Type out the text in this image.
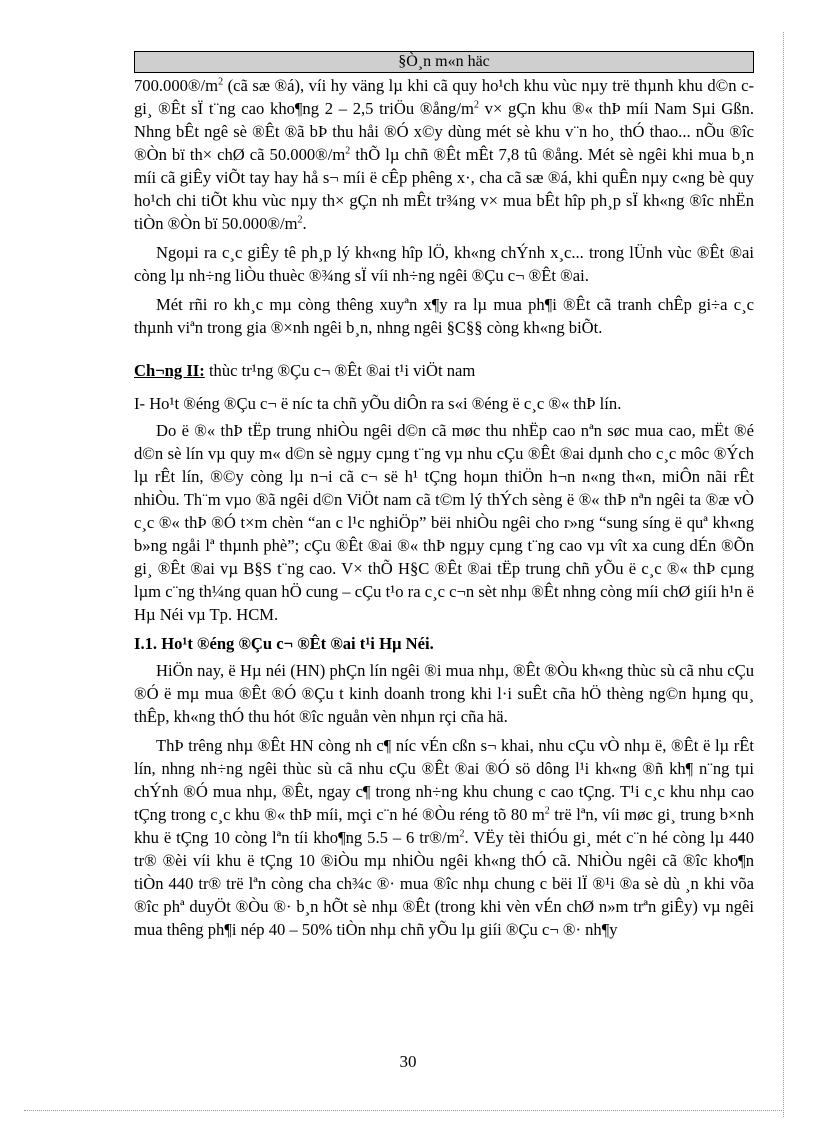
§Ò¸n m«n häc

$700.000®/m^2$ (cã sæ ®á), víi hy väng lµ khi cã quy ho¹ch khu vùc nµy trë thµnh khu d©n c gi¸ ®Êt sÏ t¨ng cao kho¶ng 2 – 2,5 triÖu $®ång/m^2$ v× gÇn khu ®« thÞ míi Nam Sµi Gßn. Nhng bÊt ngê sè ®Êt ®ã bÞ thu håi ®Ó x©y dùng mét sè khu v¨n ho¸ thÓ thao... nÕu ®îc ®Òn bï th× chØ cã $50.000®/m^2$ thÕ lµ chñ ®Êt mÊt 7,8 tû ®ång. Mét sè ngêi khi mua b¸n míi cã giÊy viÕt tay hay hå s¬ míi ë cÊp phêng x·, cha cã sæ ®á, khi quÊn nµy c«ng bè quy ho¹ch chi tiÕt khu vùc nµy th× gÇn nh mÊt tr¾ng v× mua bÊt hîp ph¸p sÏ kh«ng ®îc nhËn tiÒn ®Òn bï $50.000®/m^2$.

Ngoµi ra c¸c giÊy tê ph¸p lý kh«ng hîp lÖ, kh«ng chÝnh x¸c... trong lÜnh vùc ®Êt ®ai còng lµ nh÷ng liÒu thuèc ®¾ng sÏ víi nh÷ng ngêi ®Çu c¬ ®Êt ®ai.

Mét rñi ro kh¸c mµ còng thêng xuyªn x¶y ra lµ mua ph¶i ®Êt cã tranh chÊp gi÷a c¸c thµnh viªn trong gia ®×nh ngêi b¸n, nhng ngêi §C§§ còng kh«ng biÕt.

Ch¬ng II: thùc tr¹ng ®Çu c¬ ®Êt ®ai t¹i viÖt nam

I- Ho¹t ®éng ®Çu c¬ ë níc ta chñ yÕu diÔn ra s«i ®éng ë c¸c ®« thÞ lín.

Do ë ®« thÞ tËp trung nhiÒu ngêi d©n cã møc thu nhËp cao nªn søc mua cao, mËt ®é d©n sè lín vµ quy m« d©n sè ngµy cµng t¨ng vµ nhu cÇu ®Êt ®ai dµnh cho c¸c môc ®Ých lµ rÊt lín, ®©y còng lµ n¬i cã c¬ së h¹ tÇng hoµn thiÖn h¬n n«ng th«n, miÔn nãi rÊt nhiÒu. Th¨m vµo ®ã ngêi d©n ViÖt nam cã t©m lý thÝch sèng ë ®« thÞ nªn ngêi ta ®æ vÒ c¸c ®« thÞ ®Ó t×m chèn “an c l¹c nghiÖp” bëi nhiÒu ngêi cho r»ng “sung síng ë quª kh«ng b»ng ngåi lª thµnh phè”; cÇu ®Êt ®ai ®« thÞ ngµy cµng t¨ng cao vµ vît xa cung dÉn ®Õn gi¸ ®Êt ®ai vµ B§S t¨ng cao. V× thÕ H§C ®Êt ®ai tËp trung chñ yÕu ë c¸c ®« thÞ cµng lµm c¨ng th¼ng quan hÖ cung – cÇu t¹o ra c¸c c¬n sèt nhµ ®Êt nhng còng míi chØ giíi h¹n ë Hµ Néi vµ Tp. HCM.

I.1. Ho¹t ®éng ®Çu c¬ ®Êt ®ai t¹i Hµ Néi.

HiÖn nay, ë Hµ néi (HN) phÇn lín ngêi ®i mua nhµ, ®Êt ®Òu kh«ng thùc sù cã nhu cÇu ®Ó ë mµ mua ®Êt ®Ó ®Çu t kinh doanh trong khi l·i suÊt cña hÖ thèng ng©n hµng qu¸ thÊp, kh«ng thÓ thu hót ®îc nguån vèn nhµn rçi cña hä.

ThÞ trêng nhµ ®Êt HN còng nh c¶ níc vÉn cßn s¬ khai, nhu cÇu vÒ nhµ ë, ®Êt ë lµ rÊt lín, nhng nh÷ng ngêi thùc sù cã nhu cÇu ®Êt ®ai ®Ó sö dông l¹i kh«ng ®ñ kh¶ n¨ng tµi chÝnh ®Ó mua nhµ, ®Êt, ngay c¶ trong nh÷ng khu chung c cao tÇng. T¹i c¸c khu nhµ cao tÇng trong c¸c khu ®« thÞ míi, mçi c¨n hé ®Òu réng tõ 80 $m^2$ trë lªn, víi møc gi¸ trung b×nh khu ë tÇng 10 còng lªn tíi kho¶ng 5.5 – 6 $tr®/m^2$. VËy tèi thiÓu gi¸ mét c¨n hé còng lµ 440 tr® ®èi víi khu ë tÇng 10 ®iÒu mµ nhiÒu ngêi kh«ng thÓ cã. NhiÒu ngêi cã ®îc kho¶n tiÒn 440 tr® trë lªn còng cha ch¾c ®· mua ®îc nhµ chung c bëi lÏ ®¹i ®a sè dù ¸n khi võa ®îc phª duyÖt ®Òu ®· b¸n hÕt sè nhµ ®Êt (trong khi vèn vÉn chØ n»m trªn giÊy) vµ ngêi mua thêng ph¶i nép 40 – 50% tiÒn nhµ chñ yÕu lµ giíi ®Çu c¬ ®· nh¶y

30
